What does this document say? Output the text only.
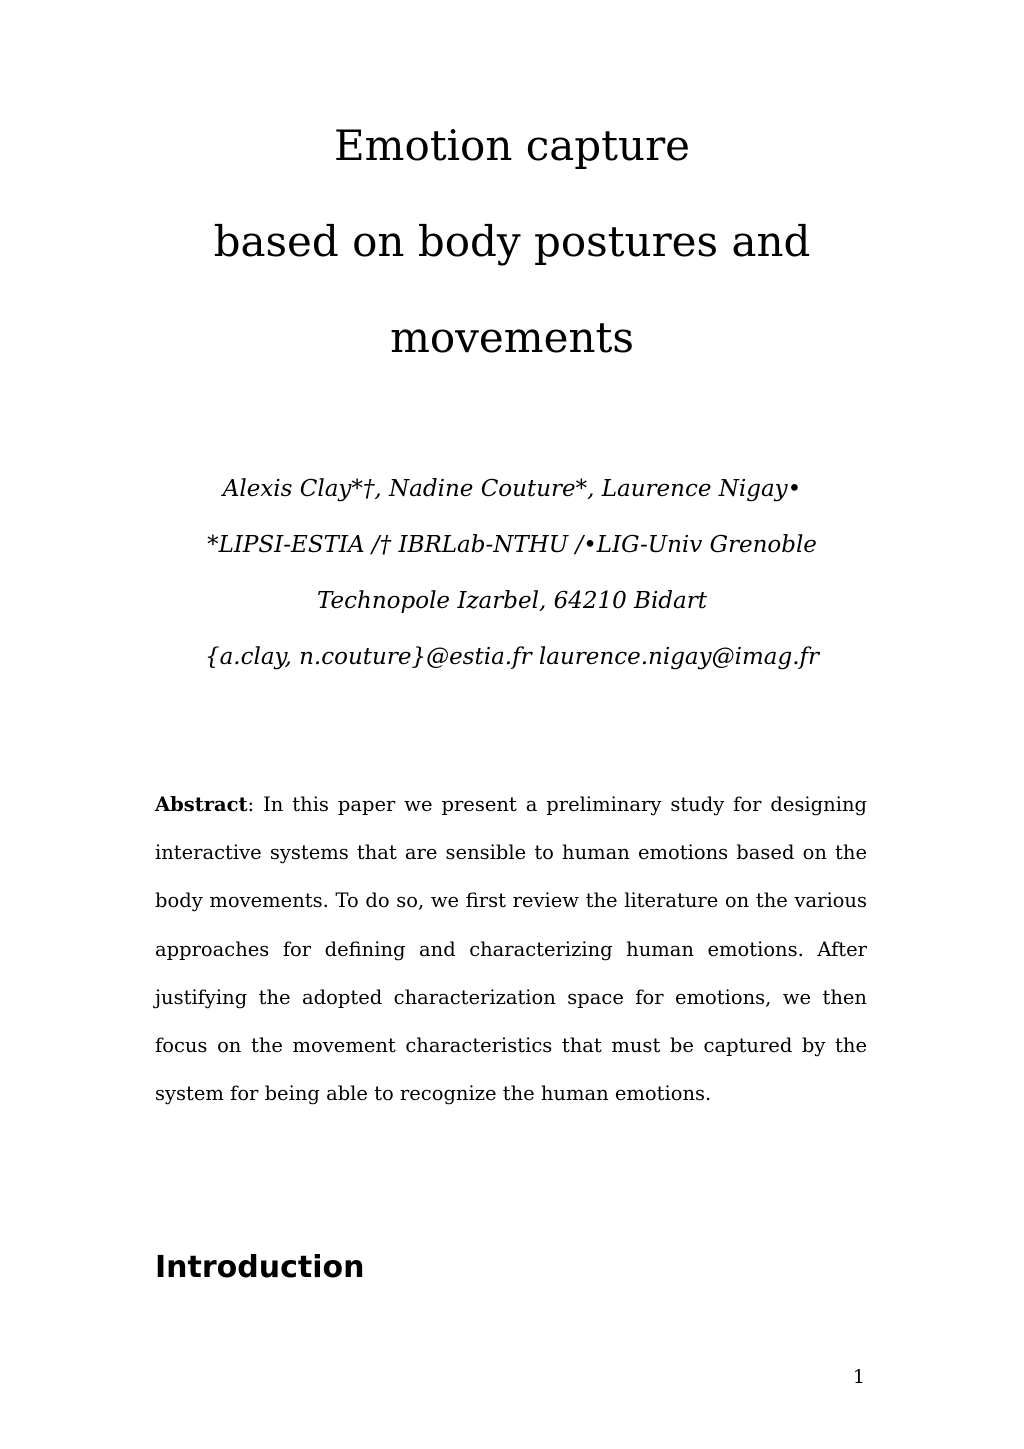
Emotion capture
based on body postures and
movements
Alexis Clay*†, Nadine Couture*, Laurence Nigay•
*LIPSI-ESTIA /† IBRLab-NTHU /•LIG-Univ Grenoble
Technopole Izarbel, 64210 Bidart
{a.clay, n.couture}@estia.fr laurence.nigay@imag.fr

Abstract: In this paper we present a preliminary study for designing interactive systems that are sensible to human emotions based on the body movements. To do so, we first review the literature on the various approaches for defining and characterizing human emotions. After justifying the adopted characterization space for emotions, we then focus on the movement characteristics that must be captured by the system for being able to recognize the human emotions.

Introduction
1
